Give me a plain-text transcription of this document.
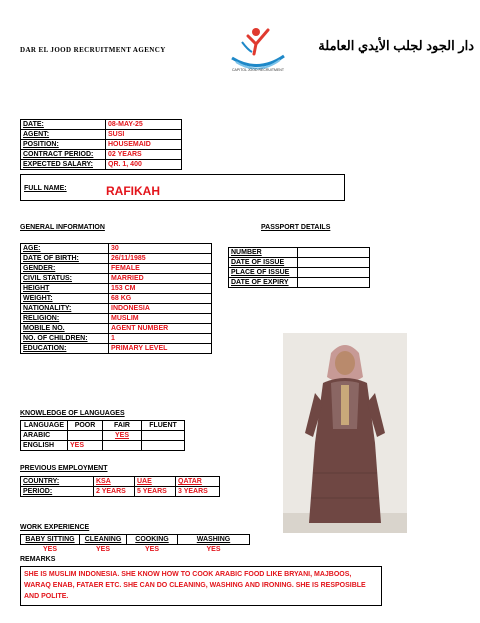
DAR EL JOOD RECRUITMENT AGENCY
CAPITOL JOOD RECRUITMENT
دار الجود لجلب الأيدي العاملة
DATE:	08-MAY-25
AGENT:	SUSI
POSITION:	HOUSEMAID
CONTRACT PERIOD:	02 YEARS
EXPECTED SALARY:	QR. 1, 400
FULL NAME:	RAFIKAH
GENERAL INFORMATION	PASSPORT DETAILS
AGE:	30
DATE OF BIRTH:	26/11/1985
GENDER:	FEMALE
CIVIL STATUS:	MARRIED
HEIGHT	153 CM
WEIGHT:	68 KG
NATIONALITY:	INDONESIA
RELIGION:	MUSLIM
MOBILE NO.	AGENT NUMBER
NO. OF CHILDREN:	1
EDUCATION:	PRIMARY LEVEL
NUMBER	
DATE OF ISSUE	
PLACE OF ISSUE	
DATE OF EXPIRY	
KNOWLEDGE OF LANGUAGES
LANGUAGE	POOR	FAIR	FLUENT
ARABIC		YES	
ENGLISH	YES		
PREVIOUS EMPLOYMENT
COUNTRY:	KSA	UAE	QATAR
PERIOD:	2 YEARS	5 YEARS	3 YEARS
WORK EXPERIENCE
BABY SITTING	CLEANING	COOKING	WASHING
YES	YES	YES	YES
REMARKS
SHE IS MUSLIM INDONESIA. SHE KNOW HOW TO COOK ARABIC FOOD LIKE BRYANI, MAJBOOS, WARAQ ENAB, FATAER ETC. SHE CAN DO CLEANING, WASHING AND IRONING. SHE IS RESPOSIBLE AND POLITE.
